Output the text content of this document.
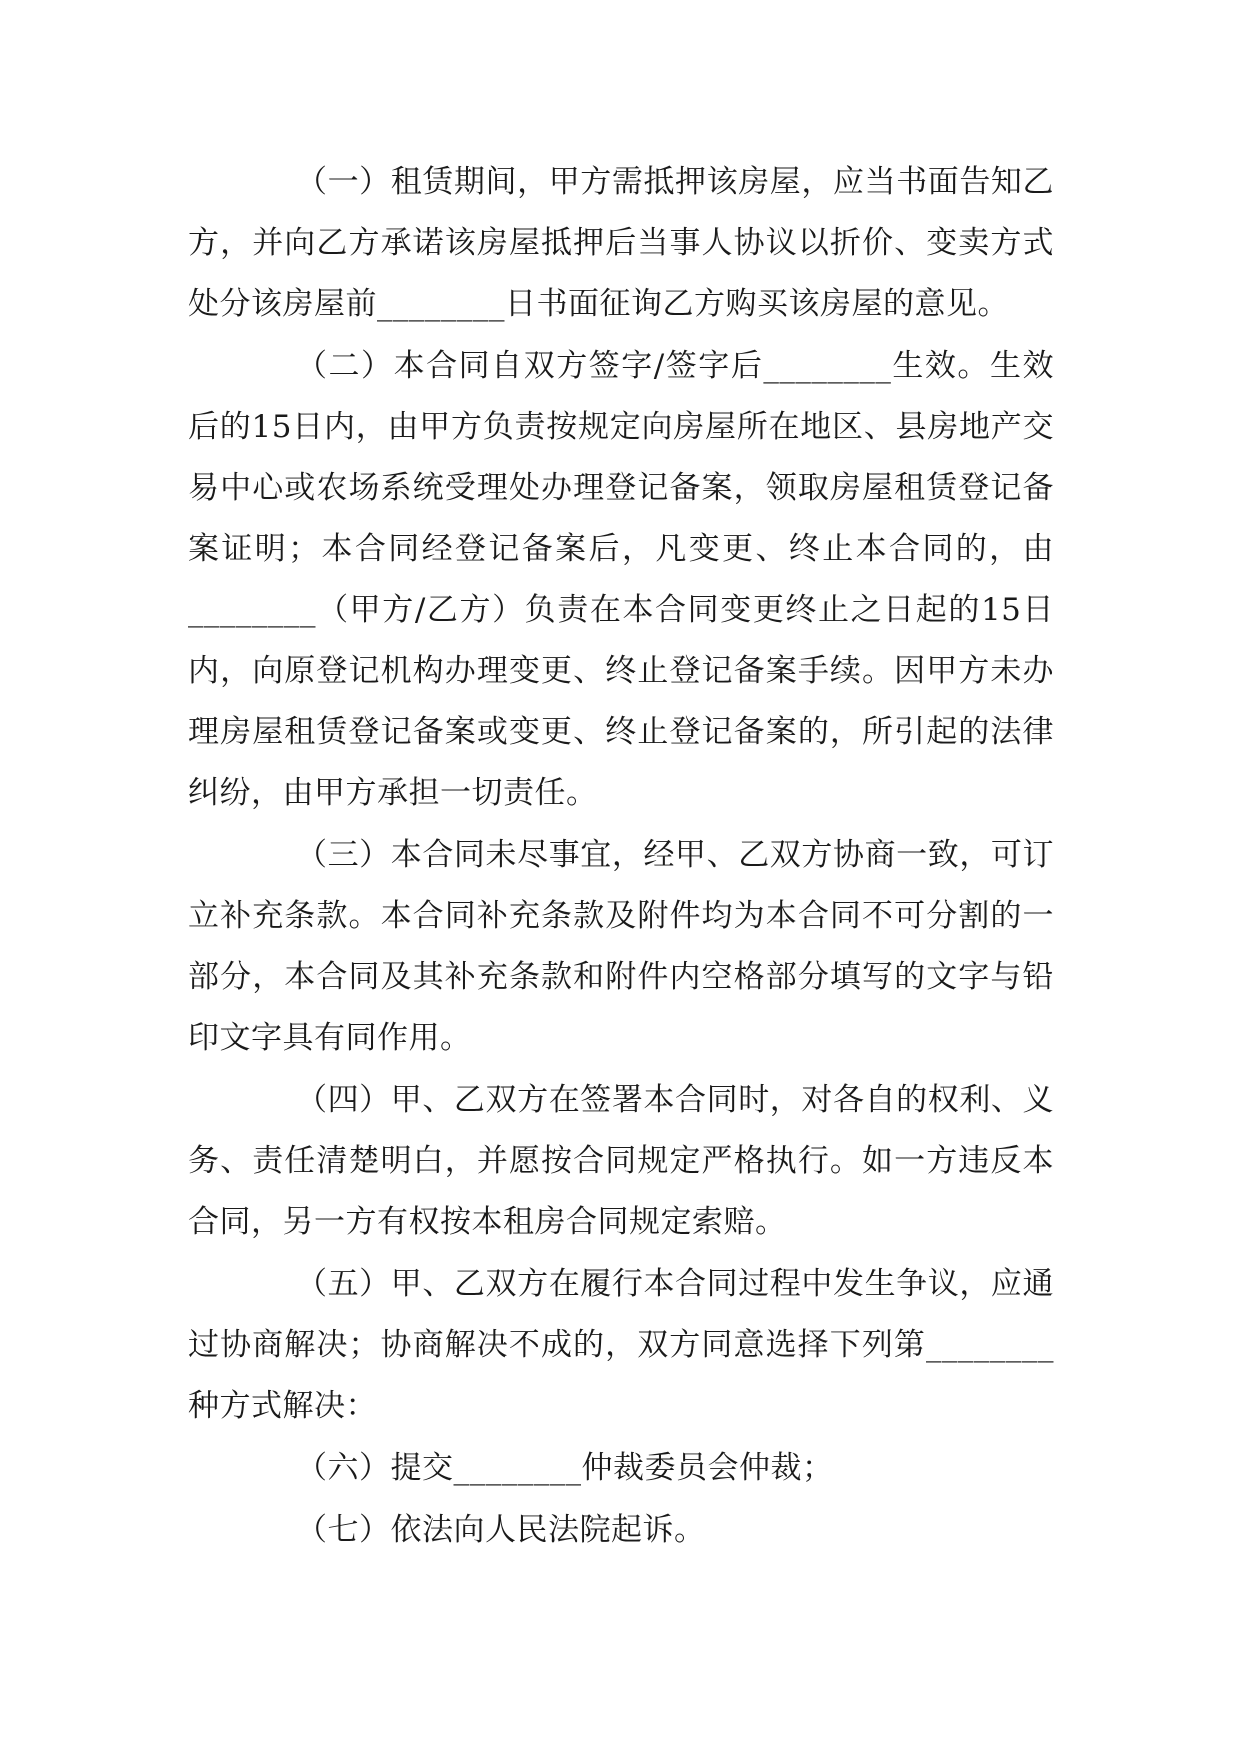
（一）租赁期间，甲方需抵押该房屋，应当书面告知乙方，并向乙方承诺该房屋抵押后当事人协议以折价、变卖方式处分该房屋前________日书面征询乙方购买该房屋的意见。

（二）本合同自双方签字/签字后________生效。生效后的15日内，由甲方负责按规定向房屋所在地区、县房地产交易中心或农场系统受理处办理登记备案，领取房屋租赁登记备案证明；本合同经登记备案后，凡变更、终止本合同的，由________（甲方/乙方）负责在本合同变更终止之日起的15日内，向原登记机构办理变更、终止登记备案手续。因甲方未办理房屋租赁登记备案或变更、终止登记备案的，所引起的法律纠纷，由甲方承担一切责任。

（三）本合同未尽事宜，经甲、乙双方协商一致，可订立补充条款。本合同补充条款及附件均为本合同不可分割的一部分，本合同及其补充条款和附件内空格部分填写的文字与铅印文字具有同作用。

（四）甲、乙双方在签署本合同时，对各自的权利、义务、责任清楚明白，并愿按合同规定严格执行。如一方违反本合同，另一方有权按本租房合同规定索赔。

（五）甲、乙双方在履行本合同过程中发生争议，应通过协商解决；协商解决不成的，双方同意选择下列第________种方式解决：

（六）提交________仲裁委员会仲裁；

（七）依法向人民法院起诉。
